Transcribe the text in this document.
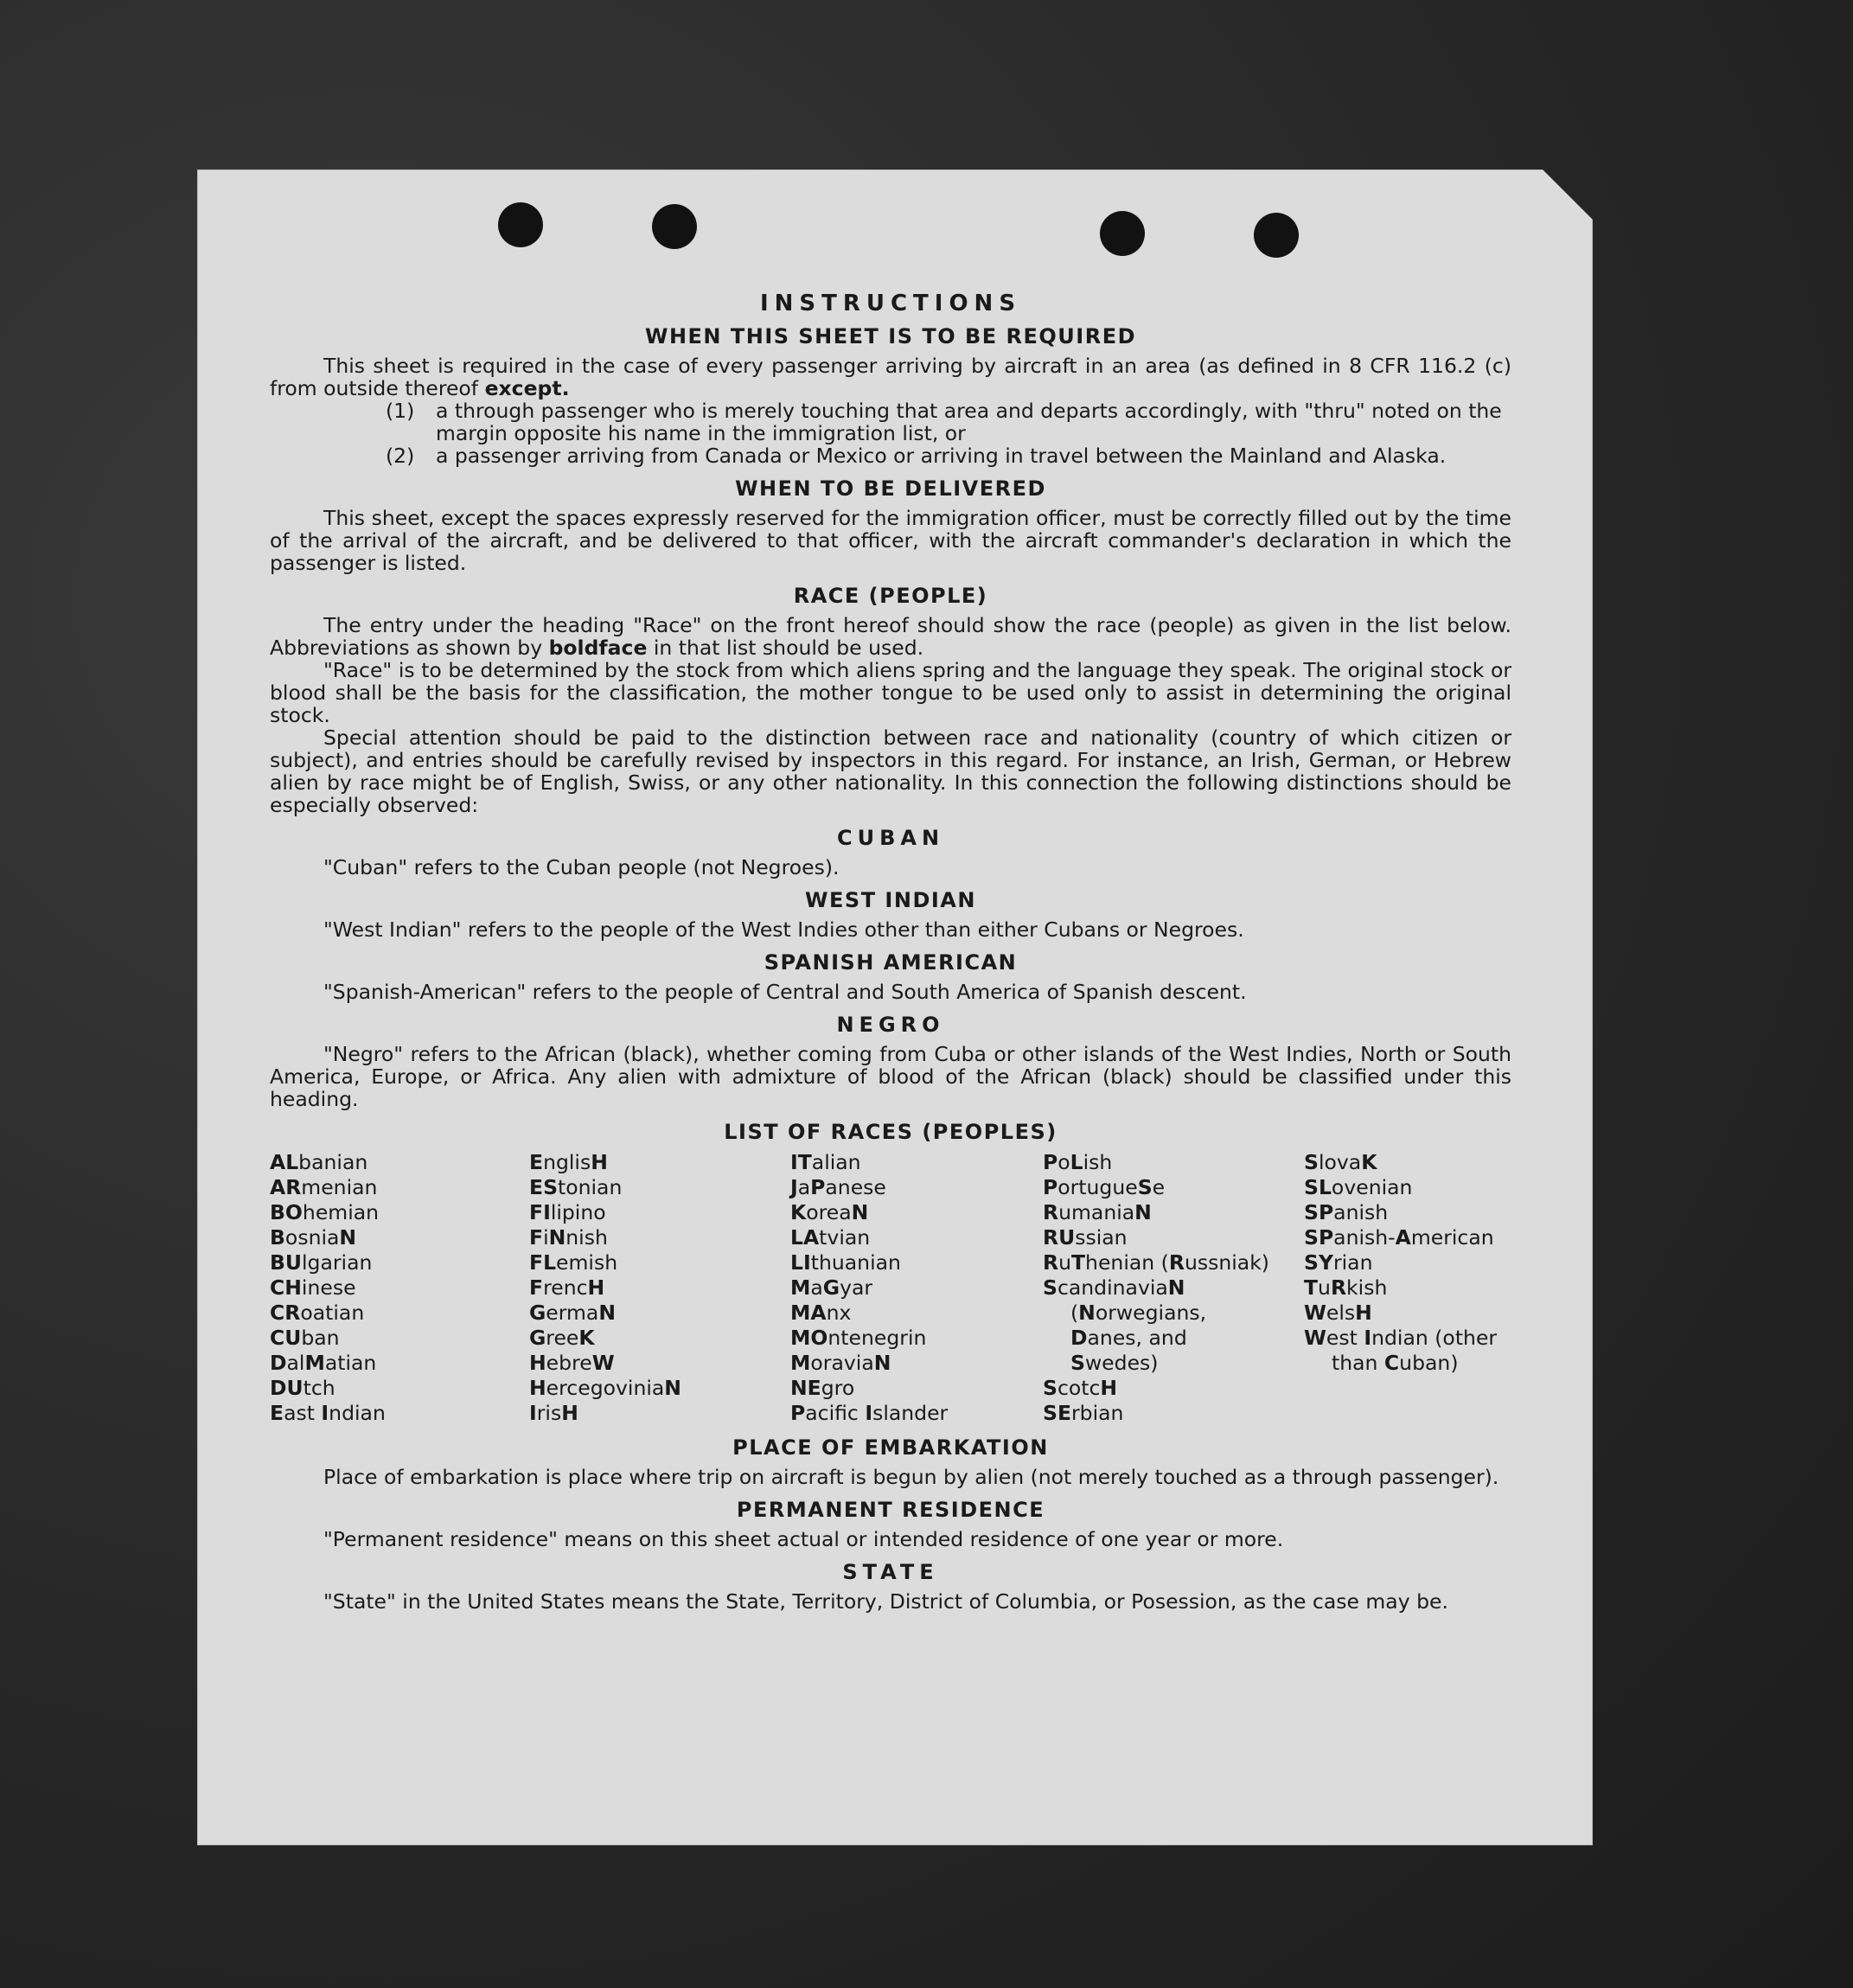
INSTRUCTIONS
WHEN THIS SHEET IS TO BE REQUIRED

This sheet is required in the case of every passenger arriving by aircraft in an area (as defined in 8 CFR 116.2 (c) from outside thereof except.

(1)	a through passenger who is merely touching that area and departs accordingly, with "thru" noted on the margin opposite his name in the immigration list, or
(2)	a passenger arriving from Canada or Mexico or arriving in travel between the Mainland and Alaska.
WHEN TO BE DELIVERED

This sheet, except the spaces expressly reserved for the immigration officer, must be correctly filled out by the time of the arrival of the aircraft, and be delivered to that officer, with the aircraft commander's declaration in which the passenger is listed.

RACE (PEOPLE)

The entry under the heading "Race" on the front hereof should show the race (people) as given in the list below. Abbreviations as shown by boldface in that list should be used.

"Race" is to be determined by the stock from which aliens spring and the language they speak. The original stock or blood shall be the basis for the classification, the mother tongue to be used only to assist in determining the original stock.

Special attention should be paid to the distinction between race and nationality (country of which citizen or subject), and entries should be carefully revised by inspectors in this regard. For instance, an Irish, German, or Hebrew alien by race might be of English, Swiss, or any other nationality. In this connection the following distinctions should be especially observed:

CUBAN

"Cuban" refers to the Cuban people (not Negroes).

WEST INDIAN

"West Indian" refers to the people of the West Indies other than either Cubans or Negroes.

SPANISH AMERICAN

"Spanish-American" refers to the people of Central and South America of Spanish descent.

NEGRO

"Negro" refers to the African (black), whether coming from Cuba or other islands of the West Indies, North or South America, Europe, or Africa. Any alien with admixture of blood of the African (black) should be classified under this heading.

LIST OF RACES (PEOPLES)
ALbanian
ARmenian
BOhemian
BosniaN
BUlgarian
CHinese
CRoatian
CUban
DalMatian
DUtch
East Indian
EnglisH
EStonian
FIlipino
FiNnish
FLemish
FrencH
GermaN
GreeK
HebreW
HercegoviniaN
IrisH
ITalian
JaPanese
KoreaN
LAtvian
LIthuanian
MaGyar
MAnx
MOntenegrin
MoraviaN
NEgro
Pacifc Islander
PoLish
PortugueSe
RumaniaN
RUssian
RuThenian (Russniak)
ScandinaviaN
(Norwegians,
Danes, and
Swedes)
ScotcH
SErbian
SlovaK
SLovenian
SPanish
SPanish-American
SYrian
TuRkish
WelsH
West Indian (other
than Cuban)
PLACE OF EMBARKATION

Place of embarkation is place where trip on aircraft is begun by alien (not merely touched as a through passenger).

PERMANENT RESIDENCE

"Permanent residence" means on this sheet actual or intended residence of one year or more.

STATE

"State" in the United States means the State, Territory, District of Columbia, or Posession, as the case may be.
